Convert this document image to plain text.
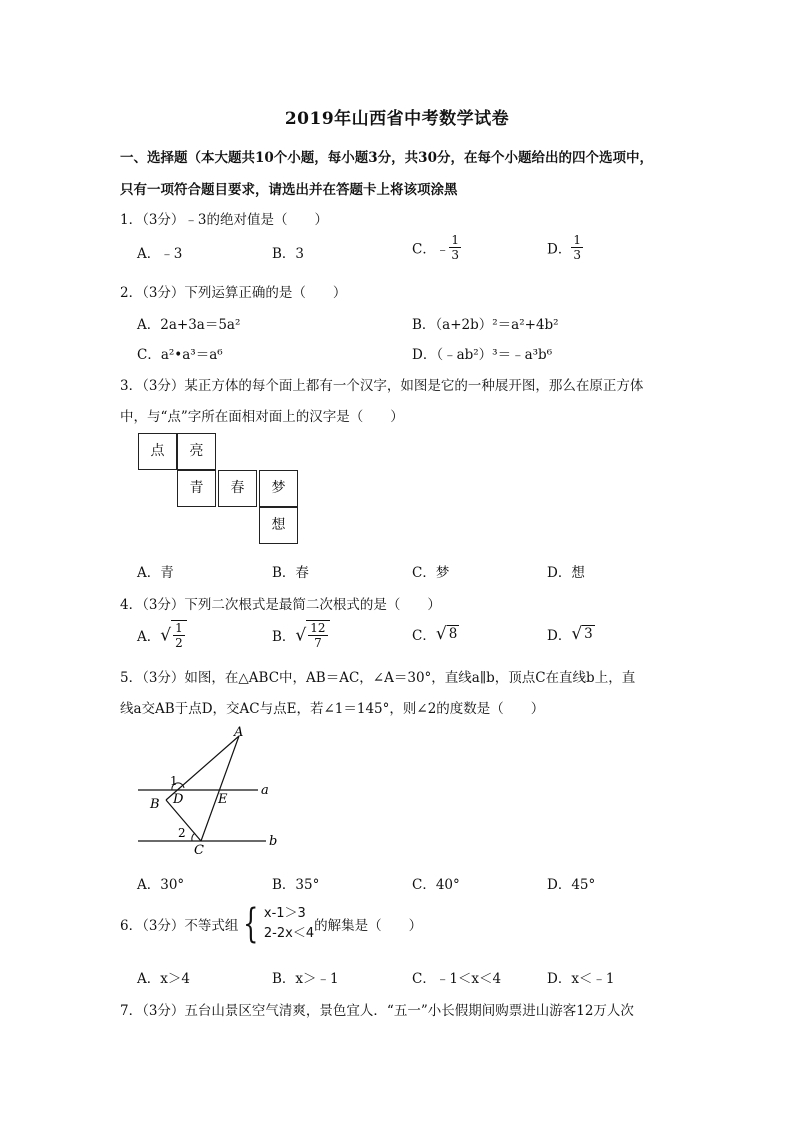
2019年山西省中考数学试卷
一、选择题（本大题共10个小题，每小题3分，共30分，在每个小题给出的四个选项中，
只有一项符合题目要求，请选出并在答题卡上将该项涂黑
1．（3分）﹣3的绝对值是（　　）
A．﹣3	B．3	C．﹣ $\frac{1}{3}$	D． $\frac{1}{3}$
2．（3分）下列运算正确的是（　　）
A．2a+3a＝5a²	B．（a+2b）²＝a²+4b²
C．a²•a³＝a⁶	D．（﹣ab²）³＝﹣a³b⁶
3．（3分）某正方体的每个面上都有一个汉字，如图是它的一种展开图，那么在原正方体
中，与“点”字所在面相对面上的汉字是（　　）
点	亮
青	春	梦
想
A．青	B．春	C．梦	D．想
4．（3分）下列二次根式是最简二次根式的是（　　）
A．√ $\frac{1}{2}$	B．√ $\frac{12}{7}$	C．√ 8	D．√ 3
5．（3分）如图，在△ABC中，AB＝AC，∠A＝30°，直线a∥b，顶点C在直线b上，直
线a交AB于点D，交AC与点E，若∠1＝145°，则∠2的度数是（　　）
A
B
C
D	E
a
b
1
2
A．30°	B．35°	C．40°	D．45°
6．（3分）不等式组 { x-1＞3
2-2x＜4 的解集是（　　）
A．x＞4	B．x＞﹣1	C．﹣1＜x＜4	D．x＜﹣1
7．（3分）五台山景区空气清爽，景色宜人．“五一”小长假期间购票进山游客12万人次
